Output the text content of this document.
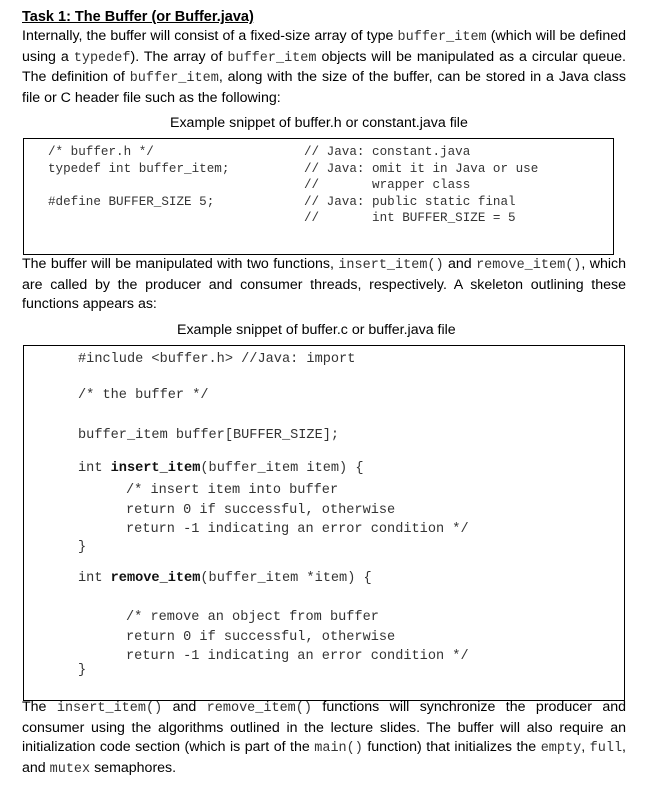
Task 1: The Buffer (or Buffer.java)

Internally, the buffer will consist of a fixed-size array of type buffer_item (which will be defined using a typedef). The array of buffer_item objects will be manipulated as a circular queue. The definition of buffer_item, along with the size of the buffer, can be stored in a Java class file or C header file such as the following:

Example snippet of buffer.h or constant.java file

/* buffer.h */
typedef int buffer_item;

#define BUFFER_SIZE 5;
// Java: constant.java
// Java: omit it in Java or use
//       wrapper class
// Java: public static final
//       int BUFFER_SIZE = 5

The buffer will be manipulated with two functions, insert_item() and remove_item(), which are called by the producer and consumer threads, respectively. A skeleton outlining these functions appears as:

Example snippet of buffer.c or buffer.java file

#include <buffer.h> //Java: import
/* the buffer */
buffer_item buffer[BUFFER_SIZE];
int insert_item(buffer_item item) {
/* insert item into buffer
return 0 if successful, otherwise
return -1 indicating an error condition */
}
int remove_item(buffer_item *item) {
/* remove an object from buffer
return 0 if successful, otherwise
return -1 indicating an error condition */
}

The insert_item() and remove_item() functions will synchronize the producer and consumer using the algorithms outlined in the lecture slides. The buffer will also require an initialization code section (which is part of the main() function) that initializes the empty, full, and mutex semaphores.
